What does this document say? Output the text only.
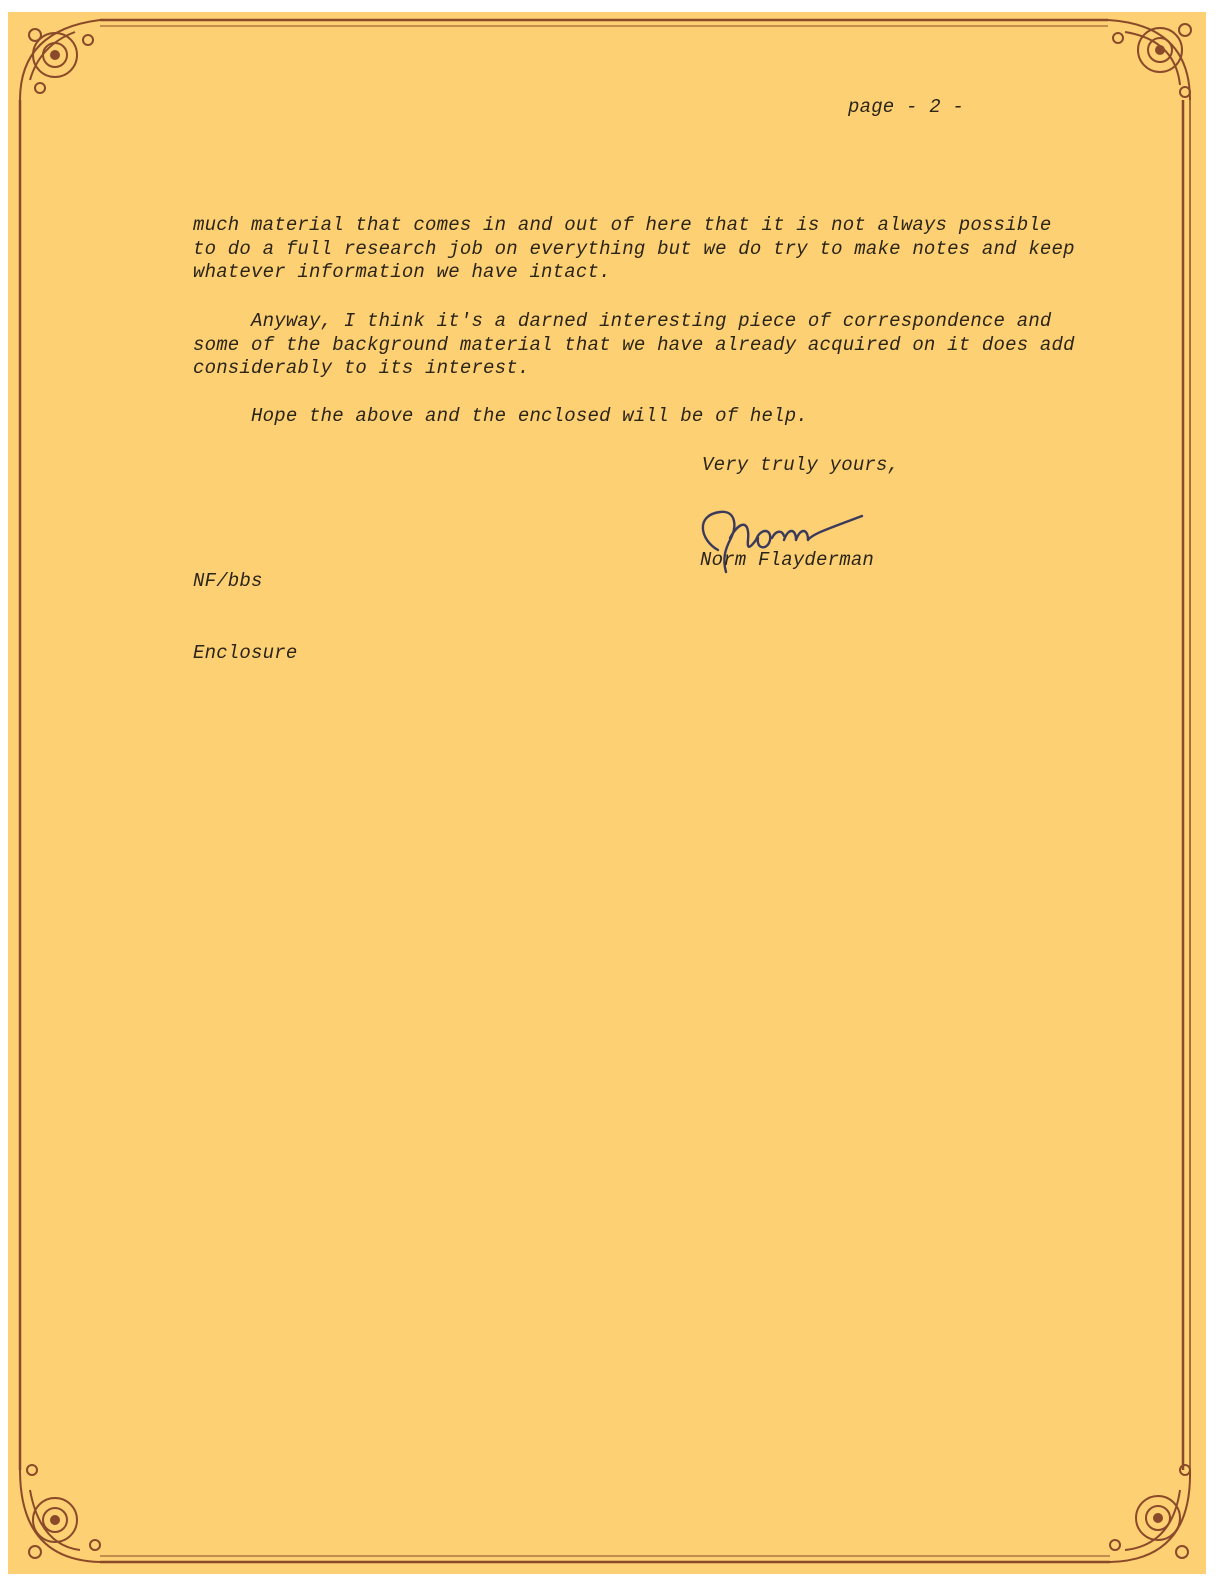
page - 2 -
much material that comes in and out of here that it is not always possible
to do a full research job on everything but we do try to make notes and keep
whatever information we have intact.
Anyway, I think it's a darned interesting piece of correspondence and
some of the background material that we have already acquired on it does add
considerably to its interest.
Hope the above and the enclosed will be of help.
Very truly yours,
Norm Flayderman
NF/bbs
Enclosure
